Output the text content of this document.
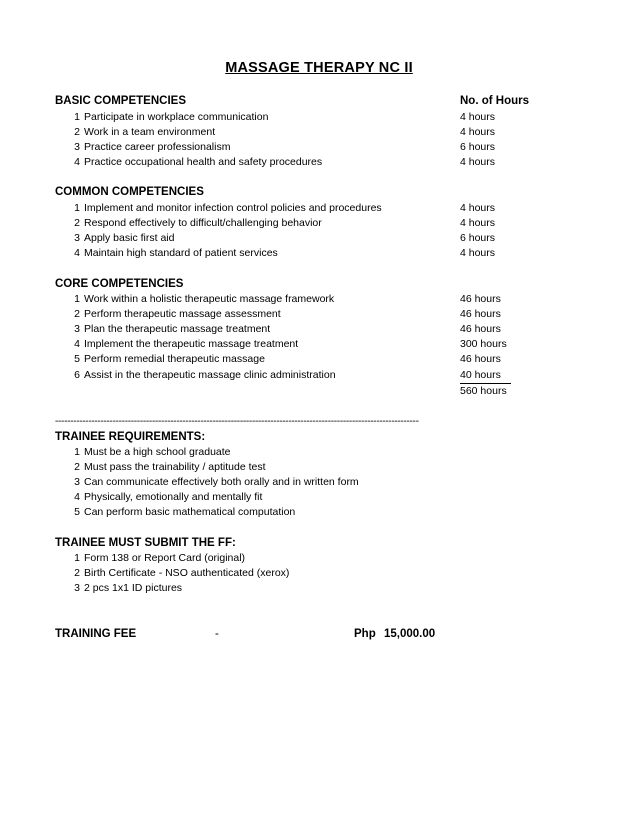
MASSAGE THERAPY NC II
BASIC COMPETENCIES	No. of Hours
1 Participate in workplace communication	4 hours
2 Work in a team environment	4 hours
3 Practice career professionalism	6 hours
4 Practice occupational health and safety procedures	4 hours
COMMON COMPETENCIES
1 Implement and monitor infection control policies and procedures	4 hours
2 Respond effectively to difficult/challenging behavior	4 hours
3 Apply basic first aid	6 hours
4 Maintain high standard of patient services	4 hours
CORE COMPETENCIES
1 Work within a holistic therapeutic massage framework	46 hours
2 Perform therapeutic massage assessment	46 hours
3 Plan the therapeutic massage treatment	46 hours
4 Implement the therapeutic massage treatment	300 hours
5 Perform remedial therapeutic massage	46 hours
6 Assist in the therapeutic massage clinic administration	40 hours
560 hours
------------------------------------------------------------------------------------------------------------------------
TRAINEE REQUIREMENTS:
1 Must be a high school graduate
2 Must pass the trainability / aptitude test
3 Can communicate effectively both orally and in written form
4 Physically, emotionally and mentally fit
5 Can perform basic mathematical computation
TRAINEE MUST SUBMIT THE FF:
1 Form 138 or Report Card (original)
2 Birth Certificate - NSO authenticated (xerox)
3 2 pcs 1x1 ID pictures
TRAINING FEE	-	Php 15,000.00
